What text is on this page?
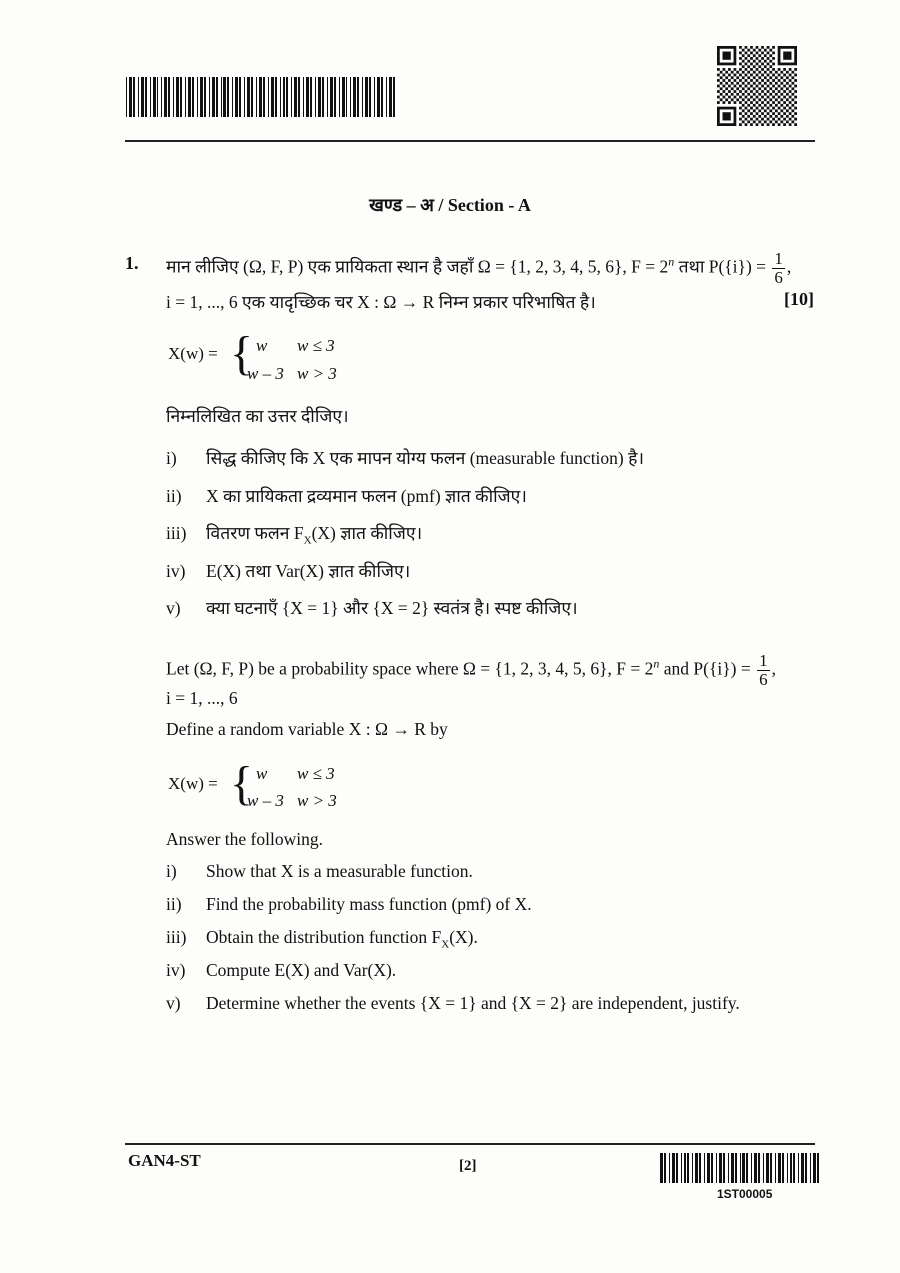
खण्ड – अ / Section - A
1.
[10]
मान लीजिए (Ω, F, P) एक प्रायिकता स्थान है जहाँ Ω = {1, 2, 3, 4, 5, 6}, $F = 2^n$ तथा $P(\{i\}) = \frac{1}{6}$ ,
i = 1, ..., 6 एक यादृच्छिक चर X : Ω → R निम्न प्रकार परिभाषित है।
X(w) = { w w ≤ 3
w – 3 w > 3
निम्नलिखित का उत्तर दीजिए।
i) सिद्ध कीजिए कि X एक मापन योग्य फलन (measurable function) है।
ii) X का प्रायिकता द्रव्यमान फलन (pmf) ज्ञात कीजिए।
iii) वितरण फलन $F_X(X)$ ज्ञात कीजिए।
iv) E(X) तथा Var(X) ज्ञात कीजिए।
v) क्या घटनाएँ {X = 1} और {X = 2} स्वतंत्र है। स्पष्ट कीजिए।
Let (Ω, F, P) be a probability space where Ω = {1, 2, 3, 4, 5, 6}, $F = 2^n$ and $P(\{i\}) = \frac{1}{6}$ ,
i = 1, ..., 6
Define a random variable X : Ω → R by
X(w) = { w w ≤ 3
w – 3 w > 3
Answer the following.
i) Show that X is a measurable function.
ii) Find the probability mass function (pmf) of X.
iii) Obtain the distribution function $F_X(X)$.
iv) Compute E(X) and Var(X).
v) Determine whether the events {X = 1} and {X = 2} are independent, justify.
GAN4-ST	[2]
1ST00005
